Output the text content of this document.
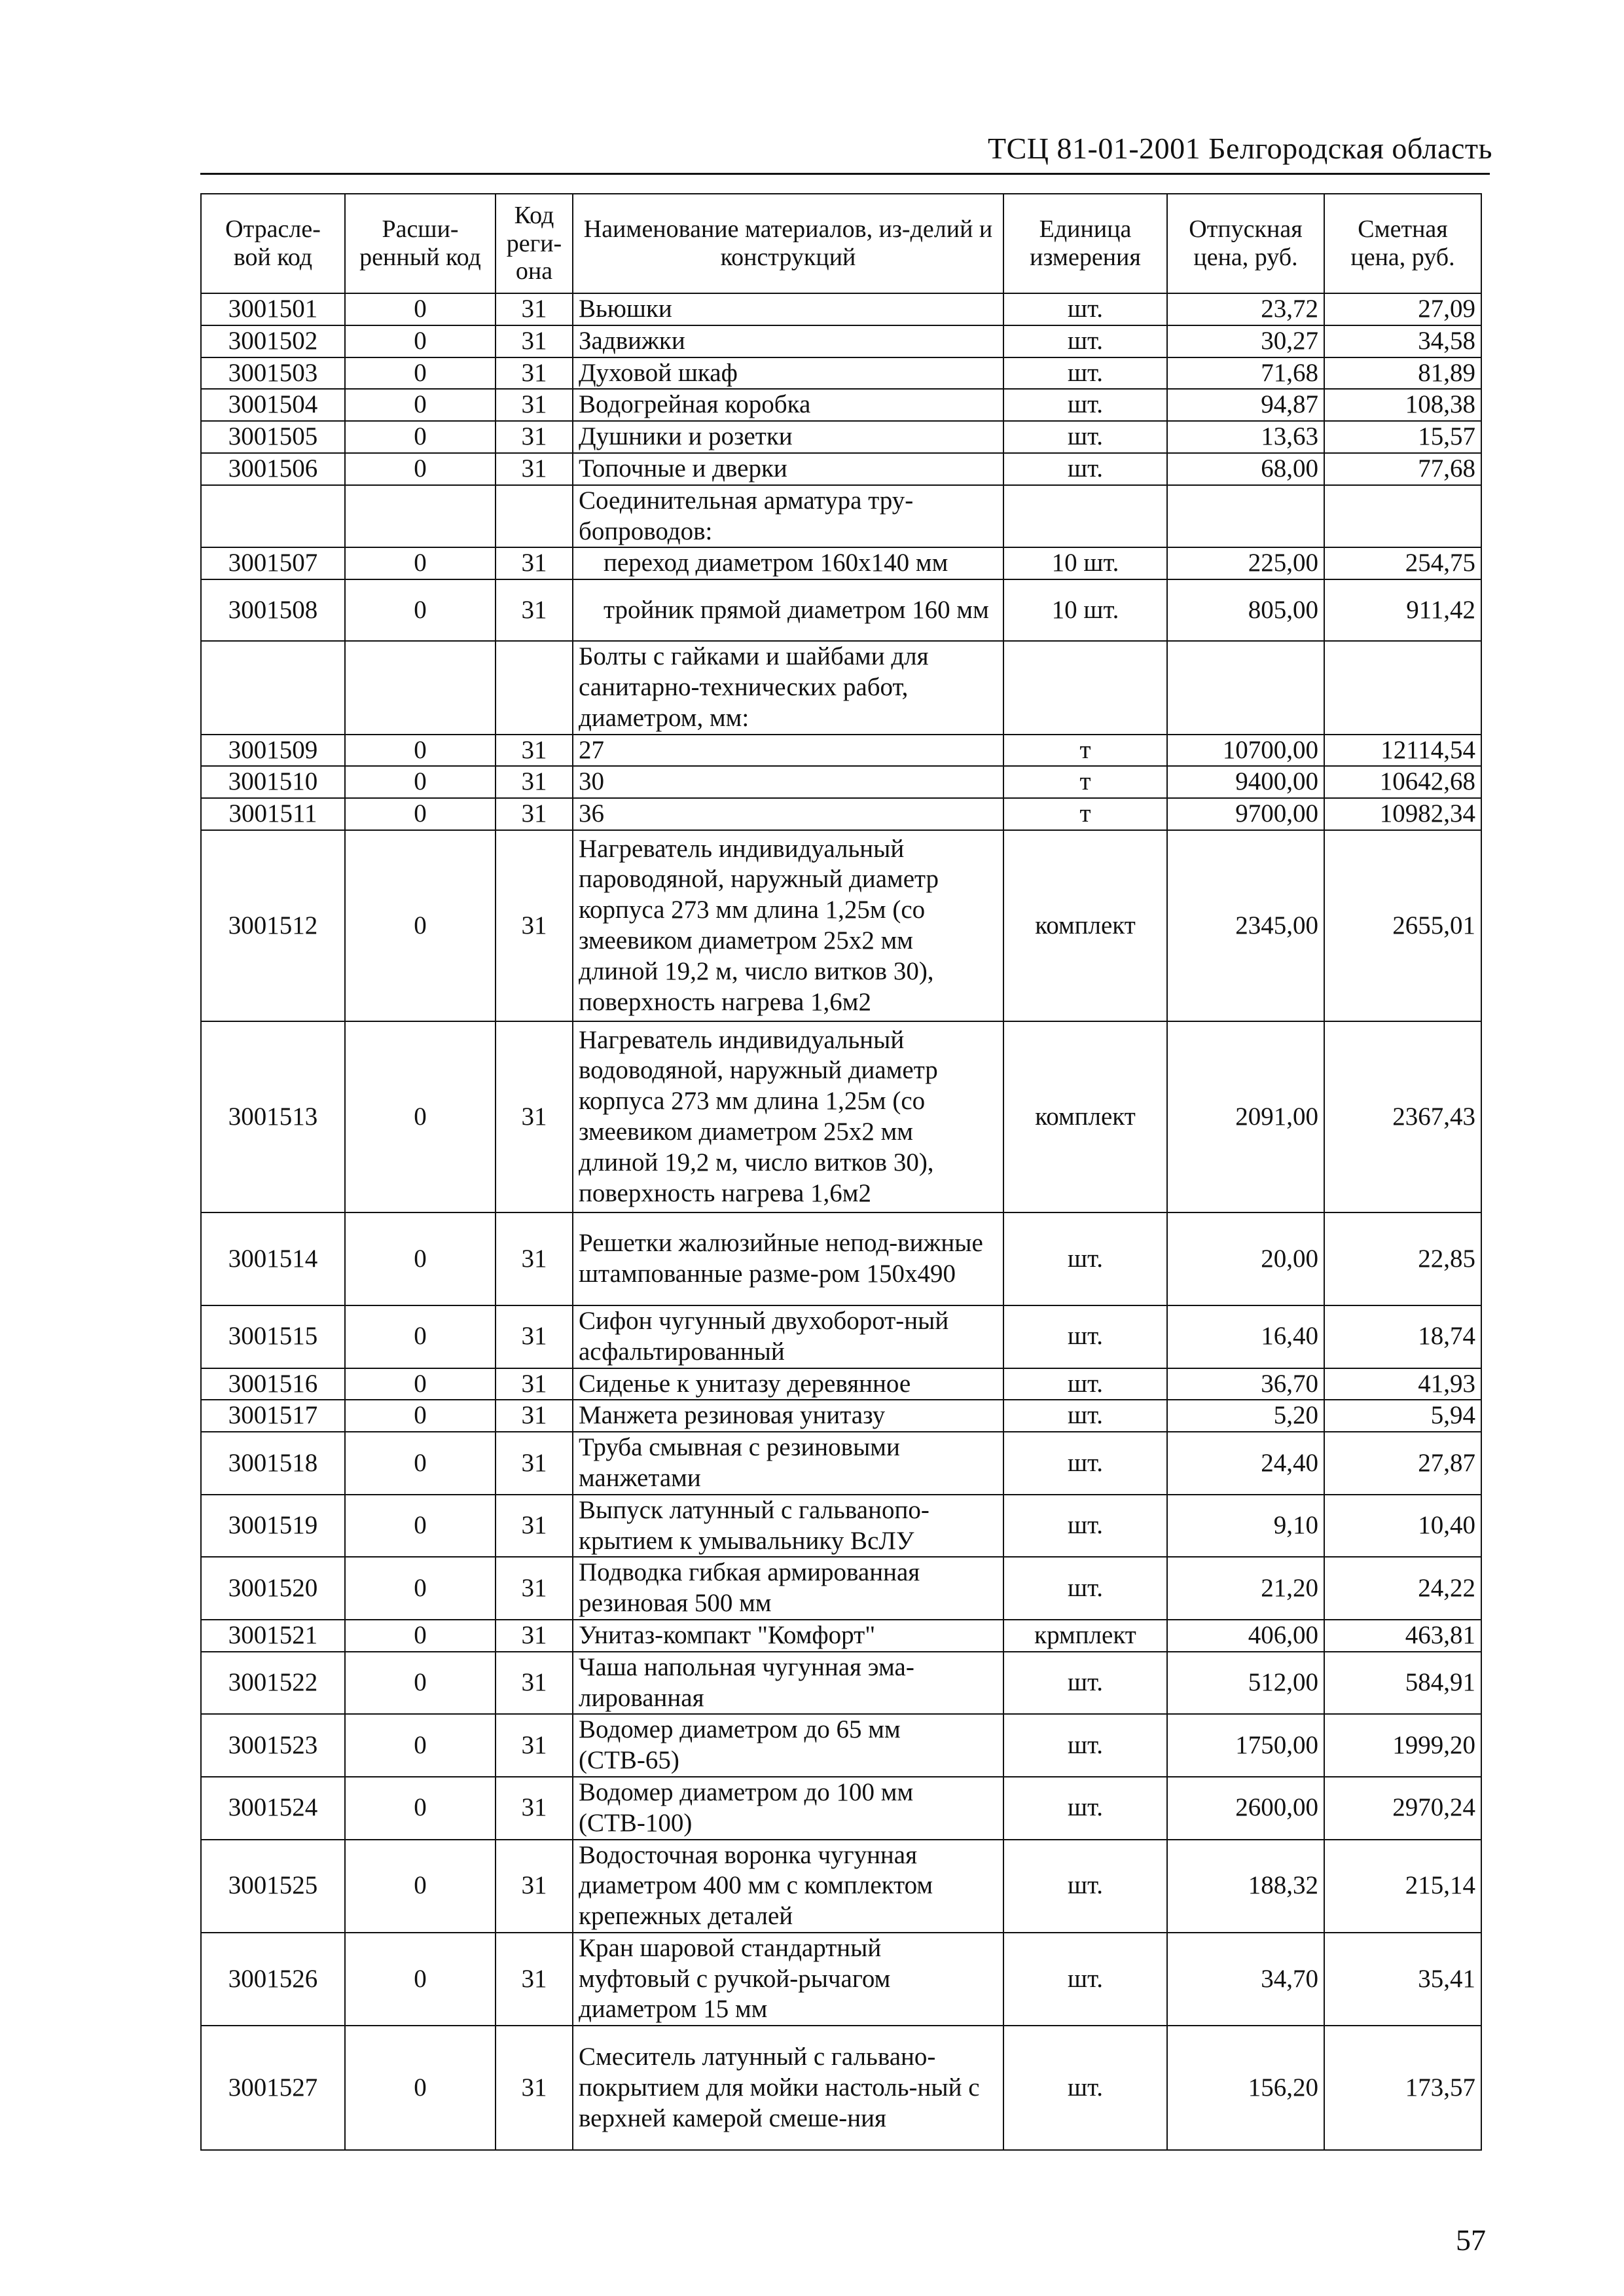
ТСЦ 81-01-2001 Белгородская область
Отрасле-вой код	Расши-ренный код	Код реги-она	Наименование материалов, из-делий и конструкций	Единица измерения	Отпускная цена, руб.	Сметная цена, руб.
3001501	0	31	Вьюшки	шт.	23,72	27,09
3001502	0	31	Задвижки	шт.	30,27	34,58
3001503	0	31	Духовой шкаф	шт.	71,68	81,89
3001504	0	31	Водогрейная коробка	шт.	94,87	108,38
3001505	0	31	Душники и розетки	шт.	13,63	15,57
3001506	0	31	Топочные и дверки	шт.	68,00	77,68
			Соединительная арматура тру-бопроводов:			
3001507	0	31	переход диаметром 160х140 мм	10 шт.	225,00	254,75
3001508	0	31	тройник прямой диаметром 160 мм	10 шт.	805,00	911,42
			Болты с гайками и шайбами для санитарно-технических работ, диаметром, мм:			
3001509	0	31	27	т	10700,00	12114,54
3001510	0	31	30	т	9400,00	10642,68
3001511	0	31	36	т	9700,00	10982,34
3001512	0	31	Нагреватель индивидуальный пароводяной, наружный диаметр корпуса 273 мм длина 1,25м (со змеевиком диаметром 25х2 мм длиной 19,2 м, число витков 30), поверхность нагрева 1,6м2	комплект	2345,00	2655,01
3001513	0	31	Нагреватель индивидуальный водоводяной, наружный диаметр корпуса 273 мм длина 1,25м (со змеевиком диаметром 25х2 мм длиной 19,2 м, число витков 30), поверхность нагрева 1,6м2	комплект	2091,00	2367,43
3001514	0	31	Решетки жалюзийные непод-вижные штампованные разме-ром 150х490	шт.	20,00	22,85
3001515	0	31	Сифон чугунный двухоборот-ный асфальтированный	шт.	16,40	18,74
3001516	0	31	Сиденье к унитазу деревянное	шт.	36,70	41,93
3001517	0	31	Манжета резиновая унитазу	шт.	5,20	5,94
3001518	0	31	Труба смывная с резиновыми манжетами	шт.	24,40	27,87
3001519	0	31	Выпуск латунный с гальванопо-крытием к умывальнику ВсЛУ	шт.	9,10	10,40
3001520	0	31	Подводка гибкая армированная резиновая 500 мм	шт.	21,20	24,22
3001521	0	31	Унитаз-компакт "Комфорт"	крмплект	406,00	463,81
3001522	0	31	Чаша напольная чугунная эма-лированная	шт.	512,00	584,91
3001523	0	31	Водомер диаметром до 65 мм (СТВ-65)	шт.	1750,00	1999,20
3001524	0	31	Водомер диаметром до 100 мм (СТВ-100)	шт.	2600,00	2970,24
3001525	0	31	Водосточная воронка чугунная диаметром 400 мм с комплектом крепежных деталей	шт.	188,32	215,14
3001526	0	31	Кран шаровой стандартный муфтовый с ручкой-рычагом диаметром 15 мм	шт.	34,70	35,41
3001527	0	31	Смеситель латунный с гальвано-покрытием для мойки настоль-ный с верхней камерой смеше-ния	шт.	156,20	173,57
57
